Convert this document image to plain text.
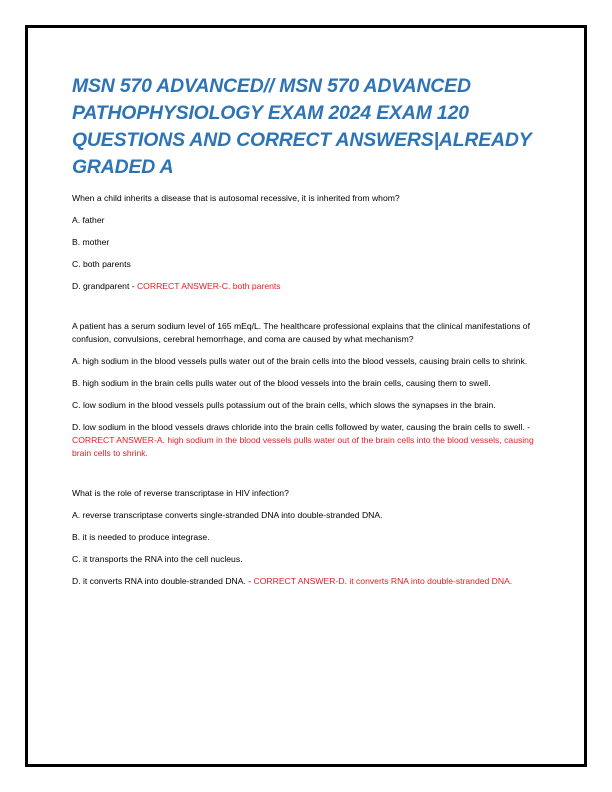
MSN 570 ADVANCED// MSN 570 ADVANCED PATHOPHYSIOLOGY EXAM 2024 EXAM 120 QUESTIONS AND CORRECT ANSWERS|ALREADY GRADED A

When a child inherits a disease that is autosomal recessive, it is inherited from whom?

A. father

B. mother

C. both parents

D. grandparent - CORRECT ANSWER-C. both parents

A patient has a serum sodium level of 165 mEq/L. The healthcare professional explains that the clinical manifestations of confusion, convulsions, cerebral hemorrhage, and coma are caused by what mechanism?

A. high sodium in the blood vessels pulls water out of the brain cells into the blood vessels, causing brain cells to shrink.

B. high sodium in the brain cells pulls water out of the blood vessels into the brain cells, causing them to swell.

C. low sodium in the blood vessels pulls potassium out of the brain cells, which slows the synapses in the brain.

D. low sodium in the blood vessels draws chloride into the brain cells followed by water, causing the brain cells to swell. - CORRECT ANSWER-A. high sodium in the blood vessels pulls water out of the brain cells into the blood vessels, causing brain cells to shrink.

What is the role of reverse transcriptase in HIV infection?

A. reverse transcriptase converts single-stranded DNA into double-stranded DNA.

B. it is needed to produce integrase.

C. it transports the RNA into the cell nucleus.

D. it converts RNA into double-stranded DNA. - CORRECT ANSWER-D. it converts RNA into double-stranded DNA.
